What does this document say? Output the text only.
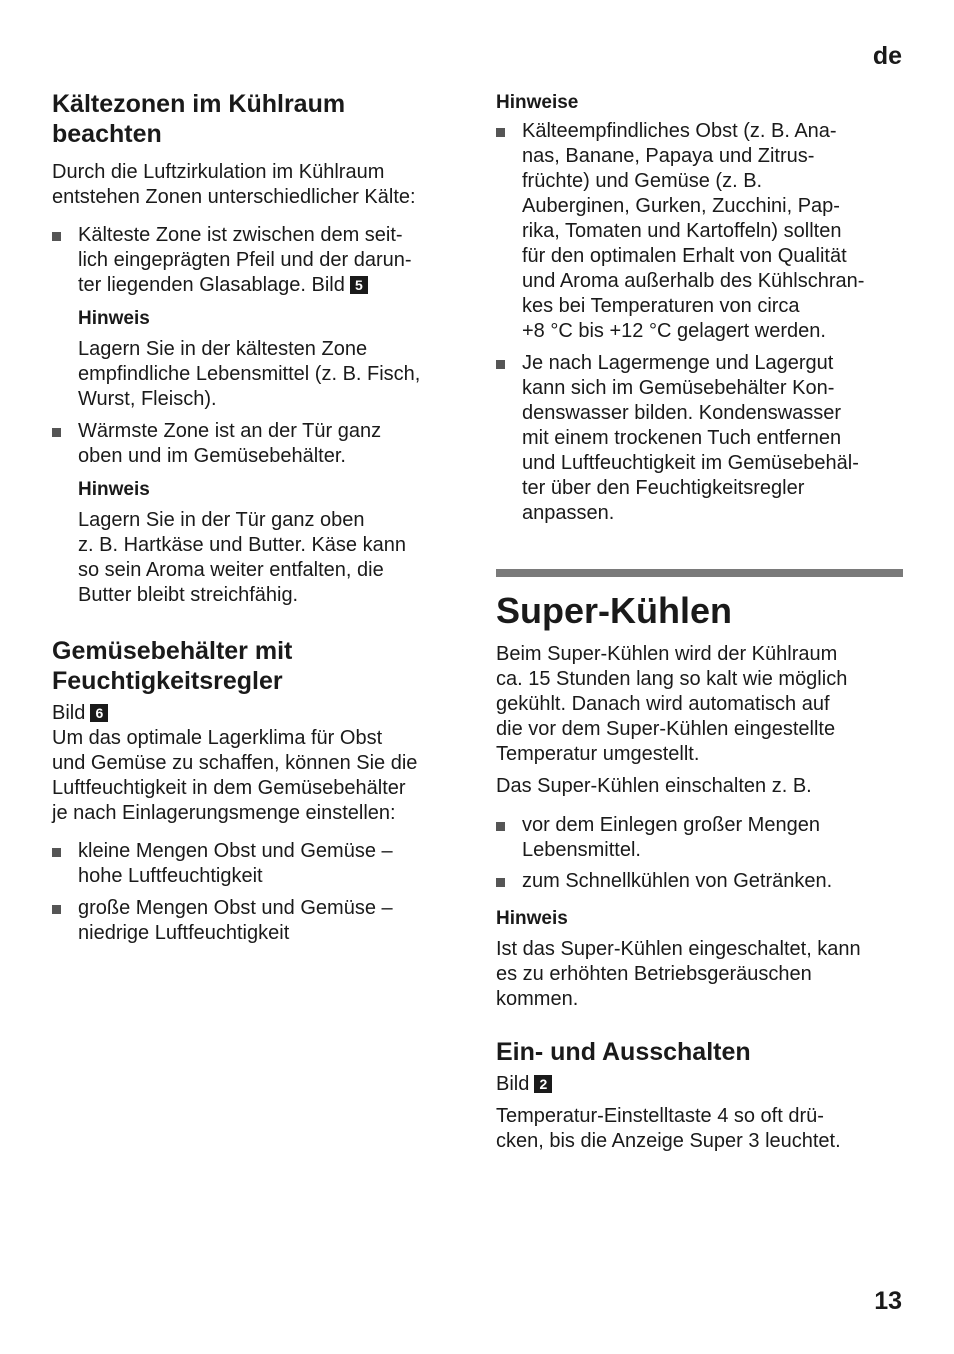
de
Kältezonen im Kühlraum
beachten

Durch die Luftzirkulation im Kühlraum
entstehen Zonen unterschiedlicher Kälte:

Kälteste Zone ist zwischen dem seit-
lich eingeprägten Pfeil und der darun-
ter liegenden Glasablage. Bild 5

Hinweis

Lagern Sie in der kältesten Zone
empfindliche Lebensmittel (z. B. Fisch,
Wurst, Fleisch).

Wärmste Zone ist an der Tür ganz
oben und im Gemüsebehälter.

Hinweis

Lagern Sie in der Tür ganz oben
z. B. Hartkäse und Butter. Käse kann
so sein Aroma weiter entfalten, die
Butter bleibt streichfähig.

Gemüsebehälter mit
Feuchtigkeitsregler

Bild 6

Um das optimale Lagerklima für Obst
und Gemüse zu schaffen, können Sie die
Luftfeuchtigkeit in dem Gemüsebehälter
je nach Einlagerungsmenge einstellen:

kleine Mengen Obst und Gemüse –
hohe Luftfeuchtigkeit
große Mengen Obst und Gemüse –
niedrige Luftfeuchtigkeit

Hinweise

Kälteempfindliches Obst (z. B. Ana-
nas, Banane, Papaya und Zitrus-
früchte) und Gemüse (z. B.
Auberginen, Gurken, Zucchini, Pap-
rika, Tomaten und Kartoffeln) sollten
für den optimalen Erhalt von Qualität
und Aroma außerhalb des Kühlschran-
kes bei Temperaturen von circa
+8 °C bis +12 °C gelagert werden.
Je nach Lagermenge und Lagergut
kann sich im Gemüsebehälter Kon-
denswasser bilden. Kondenswasser
mit einem trockenen Tuch entfernen
und Luftfeuchtigkeit im Gemüsebehäl-
ter über den Feuchtigkeitsregler
anpassen.
Super-Kühlen

Beim Super-Kühlen wird der Kühlraum
ca. 15 Stunden lang so kalt wie möglich
gekühlt. Danach wird automatisch auf
die vor dem Super-Kühlen eingestellte
Temperatur umgestellt.

Das Super-Kühlen einschalten z. B.

vor dem Einlegen großer Mengen
Lebensmittel.
zum Schnellkühlen von Getränken.

Hinweis

Ist das Super-Kühlen eingeschaltet, kann
es zu erhöhten Betriebsgeräuschen
kommen.

Ein- und Ausschalten

Bild 2

Temperatur-Einstelltaste 4 so oft drü-
cken, bis die Anzeige Super 3 leuchtet.

13
